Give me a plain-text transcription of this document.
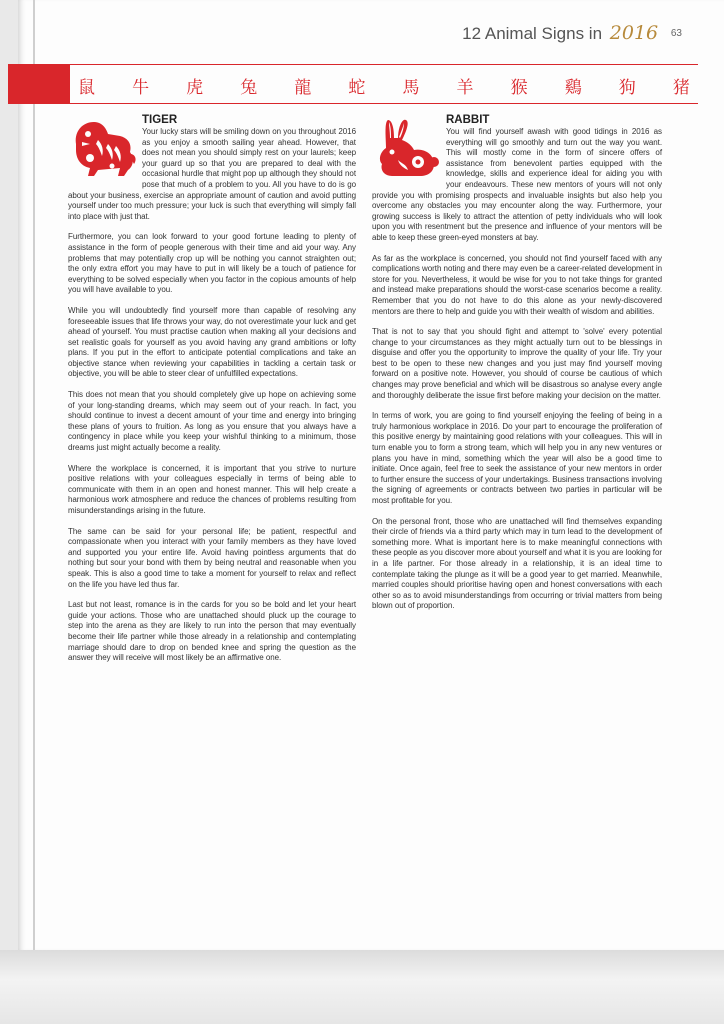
12 Animal Signs in 2016 63
鼠 牛 虎 兔 龍 蛇 馬 羊 猴 鷄 狗 猪
TIGER

Your lucky stars will be smiling down on you throughout 2016 as you enjoy a smooth sailing year ahead. However, that does not mean you should simply rest on your laurels; keep your guard up so that you are prepared to deal with the occasional hurdle that might pop up although they should not pose that much of a problem to you. All you have to do is go about your business, exercise an appropriate amount of caution and avoid putting yourself under too much pressure; your luck is such that everything will simply fall into place with just that.

Furthermore, you can look forward to your good fortune leading to plenty of assistance in the form of people generous with their time and aid your way. Any problems that may potentially crop up will be nothing you cannot straighten out; the only extra effort you may have to put in will likely be a touch of patience for everything to be solved especially when you factor in the copious amounts of help you will have available to you.

While you will undoubtedly find yourself more than capable of resolving any foreseeable issues that life throws your way, do not overestimate your luck and get ahead of yourself. You must practise caution when making all your decisions and set realistic goals for yourself as you avoid having any grand ambitions or lofty plans. If you put in the effort to anticipate potential complications and take an objective stance when reviewing your capabilities in tackling a certain task or objective, you will be able to steer clear of unfulfilled expectations.

This does not mean that you should completely give up hope on achieving some of your long-standing dreams, which may seem out of your reach. In fact, you should continue to invest a decent amount of your time and energy into bringing these plans of yours to fruition. As long as you ensure that you always have a contingency in place while you keep your wishful thinking to a minimum, those dreams just might actually become a reality.

Where the workplace is concerned, it is important that you strive to nurture positive relations with your colleagues especially in terms of being able to communicate with them in an open and honest manner. This will help create a harmonious work atmosphere and reduce the chances of problems resulting from misunderstandings arising in the future.

The same can be said for your personal life; be patient, respectful and compassionate when you interact with your family members as they have loved and supported you your entire life. Avoid having pointless arguments that do nothing but sour your bond with them by being neutral and reasonable when you speak. This is also a good time to take a moment for yourself to relax and reflect on the life you have led thus far.

Last but not least, romance is in the cards for you so be bold and let your heart guide your actions. Those who are unattached should pluck up the courage to step into the arena as they are likely to run into the person that may eventually become their life partner while those already in a relationship and contemplating marriage should dare to drop on bended knee and spring the question as the answer they will receive will most likely be an affirmative one.

RABBIT

You will find yourself awash with good tidings in 2016 as everything will go smoothly and turn out the way you want. This will mostly come in the form of sincere offers of assistance from benevolent parties equipped with the knowledge, skills and experience ideal for aiding you with your endeavours. These new mentors of yours will not only provide you with promising prospects and invaluable insights but also help you overcome any obstacles you may encounter along the way. Furthermore, your growing success is likely to attract the attention of petty individuals who will look upon you with resentment but the presence and influence of your mentors will be able to keep these green-eyed monsters at bay.

As far as the workplace is concerned, you should not find yourself faced with any complications worth noting and there may even be a career-related development in store for you. Nevertheless, it would be wise for you to not take things for granted and instead make preparations should the worst-case scenarios become a reality. Remember that you do not have to do this alone as your newly-discovered mentors are there to help and guide you with their wealth of wisdom and abilities.

That is not to say that you should fight and attempt to 'solve' every potential change to your circumstances as they might actually turn out to be blessings in disguise and offer you the opportunity to improve the quality of your life. Try your best to be open to these new changes and you just may find yourself moving forward on a positive note. However, you should of course be cautious of which changes may prove beneficial and which will be disastrous so analyse every angle and thoroughly deliberate the issue first before making your decision on the matter.

In terms of work, you are going to find yourself enjoying the feeling of being in a truly harmonious workplace in 2016. Do your part to encourage the proliferation of this positive energy by maintaining good relations with your colleagues. This will in turn enable you to form a strong team, which will help you in any new ventures or plans you have in mind, something which the year will also be a good time to initiate. Once again, feel free to seek the assistance of your new mentors in order to further ensure the success of your undertakings. Business transactions involving the signing of agreements or contracts between two parties in particular will be most profitable for you.

On the personal front, those who are unattached will find themselves expanding their circle of friends via a third party which may in turn lead to the development of something more. What is important here is to make meaningful connections with these people as you discover more about yourself and what it is you are looking for in a life partner. For those already in a relationship, it is an ideal time to contemplate taking the plunge as it will be a good year to get married. Meanwhile, married couples should prioritise having open and honest conversations with each other so as to avoid misunderstandings from occurring or trivial matters from being blown out of proportion.
